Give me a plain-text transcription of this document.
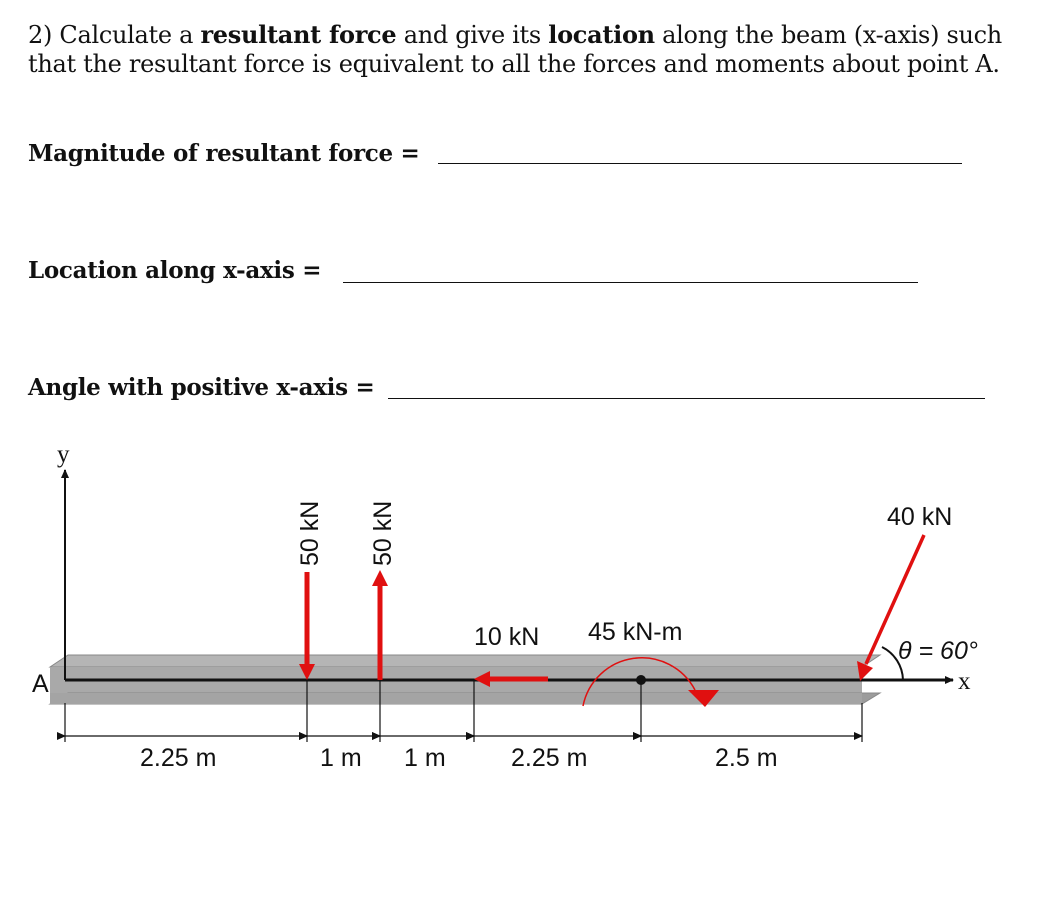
2) Calculate a resultant force and give its location along the beam (x-axis) such that the resultant force is equivalent to all the forces and moments about point A.
Magnitude of resultant force =
Location along x-axis =
Angle with positive x-axis =
y
x
A
50 kN 50 kN
10 kN 45 kN-m
40 kN
θ = 60°
2.25 m	1 m 1 m	2.25 m	2.5 m
